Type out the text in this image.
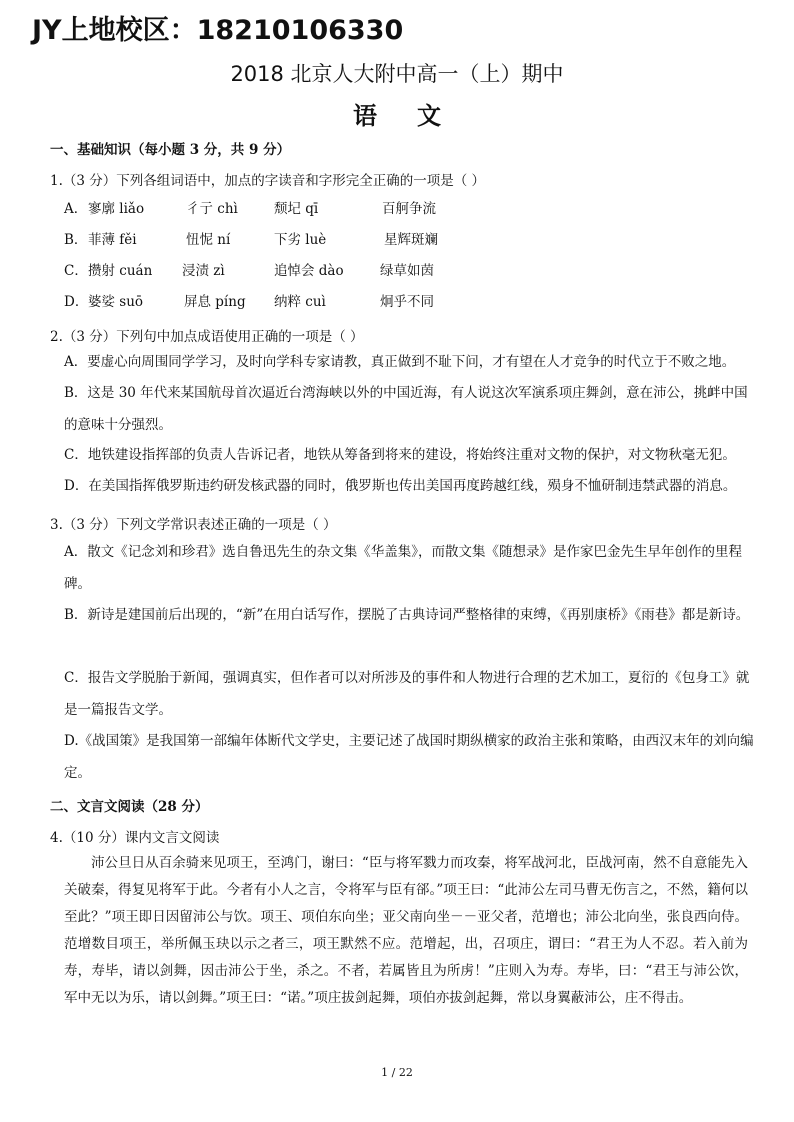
JY上地校区：18210106330
2018 北京人大附中高一（上）期中
语文
一、基础知识（每小题 3 分，共 9 分）
1.（3 分）下列各组词语中，加点的字读音和字形完全正确的一项是（ ）
A． 寥廓 liǎo	彳亍 chì	颓圮 qī	百舸争流
B． 菲薄 fěi	忸怩 ní	下劣 luè	星辉斑斓
C． 攒射 cuán 浸渍 zì	追悼会 dào	绿草如茵
D． 婆娑 suō	屏息 píng 纳粹 cuì	炯乎不同
2.（3 分）下列句中加点成语使用正确的一项是（ ）
A．要虚心向周围同学学习，及时向学科专家请教，真正做到不耻下问，才有望在人才竞争的时代立于不败之地。
B．这是 30 年代来某国航母首次逼近台湾海峡以外的中国近海，有人说这次军演系项庄舞剑，意在沛公，挑衅中国的意味十分强烈。
C．地铁建设指挥部的负责人告诉记者，地铁从筹备到将来的建设，将始终注重对文物的保护，对文物秋毫无犯。
D．在美国指挥俄罗斯违约研发核武器的同时，俄罗斯也传出美国再度跨越红线，殒身不恤研制违禁武器的消息。
3.（3 分）下列文学常识表述正确的一项是（ ）
A．散文《记念刘和珍君》选自鲁迅先生的杂文集《华盖集》，而散文集《随想录》是作家巴金先生早年创作的里程碑。
B．新诗是建国前后出现的，“新”在用白话写作，摆脱了古典诗词严整格律的束缚，《再别康桥》《雨巷》都是新诗。
C．报告文学脱胎于新闻，强调真实，但作者可以对所涉及的事件和人物进行合理的艺术加工，夏衍的《包身工》就是一篇报告文学。
D.《战国策》是我国第一部编年体断代文学史，主要记述了战国时期纵横家的政治主张和策略，由西汉末年的刘向编定。
二、文言文阅读（28 分）
4.（10 分）课内文言文阅读
沛公旦日从百余骑来见项王，至鸿门，谢曰：“臣与将军戮力而攻秦，将军战河北，臣战河南，然不自意能先入关破秦，得复见将军于此。今者有小人之言，令将军与臣有郤。”项王曰：“此沛公左司马曹无伤言之，不然，籍何以至此？”项王即日因留沛公与饮。项王、项伯东向坐；亚父南向坐－－亚父者，范增也；沛公北向坐，张良西向侍。范增数目项王，举所佩玉玦以示之者三，项王默然不应。范增起，出，召项庄，谓曰：“君王为人不忍。若入前为寿，寿毕，请以剑舞，因击沛公于坐，杀之。不者，若属皆且为所虏！”庄则入为寿。寿毕，曰：“君王与沛公饮，军中无以为乐，请以剑舞。”项王曰：“诺。”项庄拔剑起舞，项伯亦拔剑起舞，常以身翼蔽沛公，庄不得击。
1 / 22
